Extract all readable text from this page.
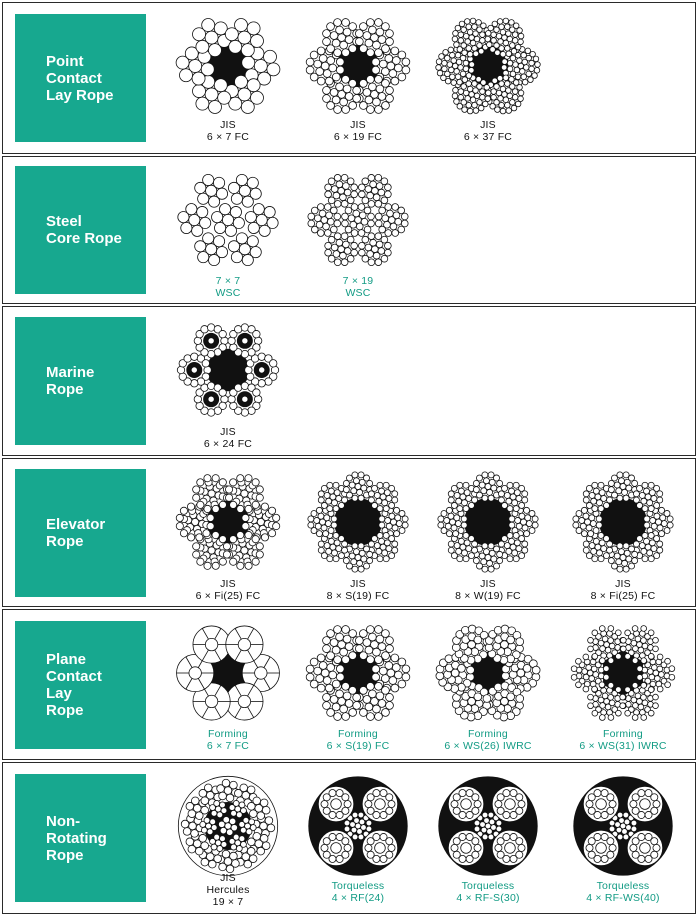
Point
Contact
Lay Rope
JIS
6 × 7 FC
JIS
6 × 19 FC
JIS
6 × 37 FC
Steel
Core Rope
7 × 7
WSC
7 × 19
WSC
Marine
Rope
JIS
6 × 24 FC
Elevator
Rope
JIS
6 × Fi(25) FC
JIS
8 × S(19) FC
JIS
8 × W(19) FC
JIS
8 × Fi(25) FC
Plane
Contact
Lay
Rope
Forming
6 × 7 FC
Forming
6 × S(19) FC
Forming
6 × WS(26) IWRC
Forming
6 × WS(31) IWRC
Non-
Rotating
Rope
JIS
Hercules
19 × 7
Torqueless
4 × RF(24)
Torqueless
4 × RF-S(30)
Torqueless
4 × RF-WS(40)
